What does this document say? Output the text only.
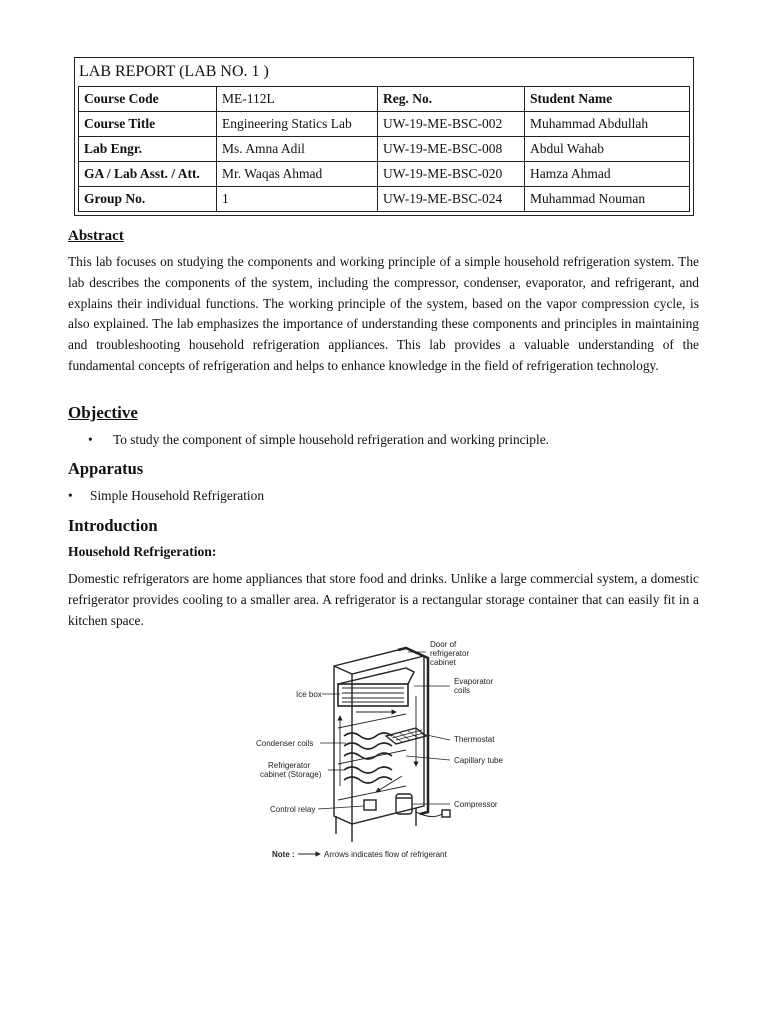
LAB REPORT (LAB NO. 1 )

Course Code	ME-112L	Reg. No.	Student Name
Course Title	Engineering Statics Lab	UW-19-ME-BSC-002	Muhammad Abdullah
Lab Engr.	Ms. Amna Adil	UW-19-ME-BSC-008	Abdul Wahab
GA / Lab Asst. / Att.	Mr. Waqas Ahmad	UW-19-ME-BSC-020	Hamza Ahmad
Group No.	1	UW-19-ME-BSC-024	Muhammad Nouman
Abstract

This lab focuses on studying the components and working principle of a simple household refrigeration system. The lab describes the components of the system, including the compressor, condenser, evaporator, and refrigerant, and explains their individual functions. The working principle of the system, based on the vapor compression cycle, is also explained. The lab emphasizes the importance of understanding these components and principles in maintaining and troubleshooting household refrigeration appliances. This lab provides a valuable understanding of the fundamental concepts of refrigeration and helps to enhance knowledge in the field of refrigeration technology.

Objective
• To study the component of simple household refrigeration and working principle.
Apparatus
• Simple Household Refrigeration
Introduction
Household Refrigeration:

Domestic refrigerators are home appliances that store food and drinks. Unlike a large commercial system, a domestic refrigerator provides cooling to a smaller area. A refrigerator is a rectangular storage container that can easily fit in a kitchen space.

Door of
refrigerator
cabinet
Evaporator
coils
Ice box
Thermostat
Condenser coils
Capillary tube
Refrigerator
cabinet (Storage)
Compressor
Control relay
Note :	Arrows indicates flow of refrigerant
